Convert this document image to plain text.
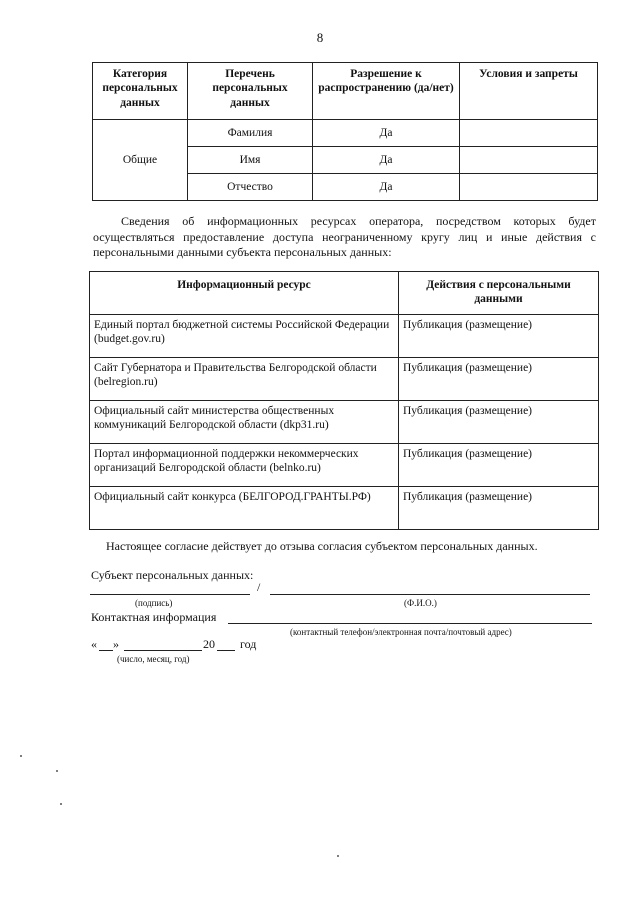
8
Категория персональных данных	Перечень персональных данных	Разрешение к распространению (да/нет)	Условия и запреты
Общие	Фамилия	Да	
	Имя	Да	
	Отчество	Да	
Сведения об информационных ресурсах оператора, посредством которых будет осуществляться предоставление доступа неограниченному кругу лиц и иные действия с персональными данными субъекта персональных данных:
Информационный ресурс	Действия с персональными данными
Единый портал бюджетной системы Российской Федерации (budget.gov.ru)	Публикация (размещение)
Сайт Губернатора и Правительства Белгородской области (belregion.ru)	Публикация (размещение)
Официальный сайт министерства общественных коммуникаций Белгородской области (dkp31.ru)	Публикация (размещение)
Портал информационной поддержки некоммерческих организаций Белгородской области (belnko.ru)	Публикация (размещение)
Официальный сайт конкурса (БЕЛГОРОД.ГРАНТЫ.РФ)	Публикация (размещение)
Настоящее согласие действует до отзыва согласия субъектом персональных данных.
Субъект персональных данных:
/
(подпись)	(Ф.И.О.)
Контактная информация
(контактный телефон/электронная почта/почтовый адрес)
« »	20 год
(число, месяц, год)
